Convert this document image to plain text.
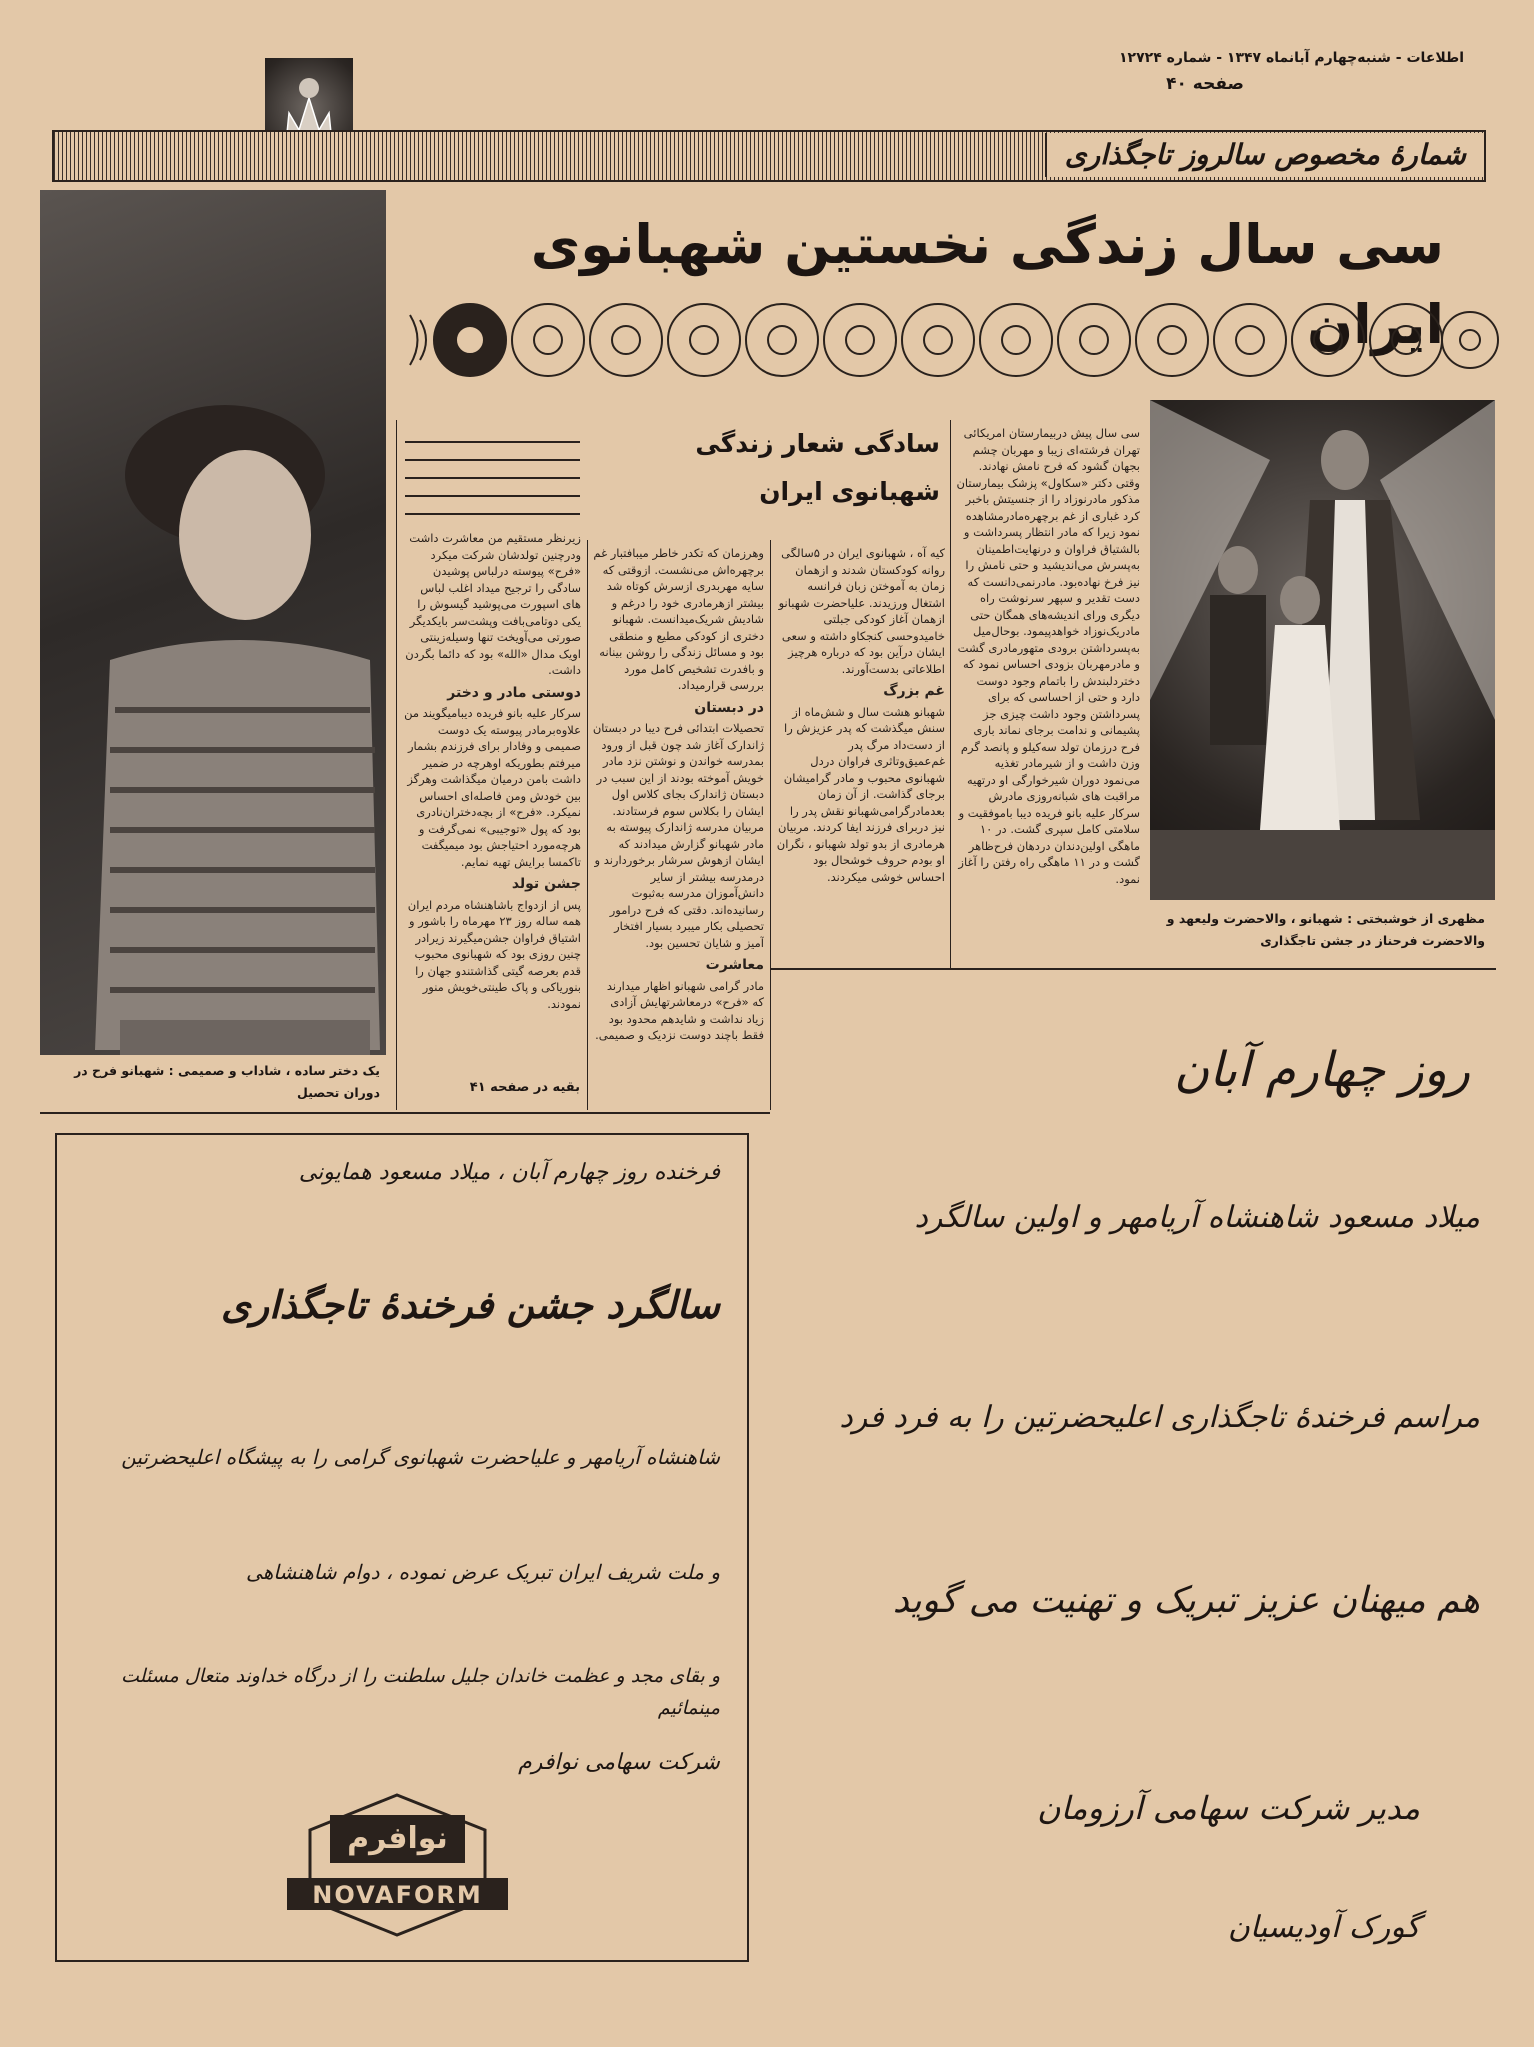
اطلاعات - شنبه‌چهارم آبانماه ۱۳۴۷ - شماره ۱۲۷۲۴
صفحه ۴۰
شمارهٔ مخصوص سالروز تاجگذاری
یک دختر ساده ، شاداب و صمیمی : شهبانو فرح در دوران تحصیل
سی سال زندگی نخستین شهبانوی ایران
سادگی شعار زندگی شهبانوی ایران
مظهری از خوشبختی : شهبانو ، والاحضرت ولیعهد و والاحضرت فرحناز در جشن تاجگذاری
سی سال پیش دربیمارستان امریکائی تهران فرشته‌ای زیبا و مهربان چشم بجهان گشود که فرح نامش نهادند. وقتی دکتر «سکاول» پزشک بیمارستان مذکور مادرنوزاد را از جنسیتش باخبر کرد غباری از غم برچهره‌مادرمشاهده نمود زیرا که مادر انتظار پسرداشت و بالشتیاق فراوان و درنهایت‌اطمینان به‌پسرش می‌اندیشید و حتی نامش را نیز فرخ نهاده‌بود. مادرنمی‌دانست که دست تقدیر و سپهر سرنوشت راه دیگری ورای اندیشه‌های همگان حتی مادریک‌نوزاد خواهد‌پیمود. بوحال‌میل به‌پسرداشتن برودی متهور‌مادری گشت و مادر‌مهربان بزودی احساس نمود که دختردلبندش را باتمام وجود دوست دارد و حتی از احساسی که برای پسرداشتن وجود داشت چیزی جز پشیمانی و ندامت برجای نماند باری فرح درزمان تولد سه‌کیلو و پانصد گرم وزن داشت و از شیرمادر تغذیه می‌نمود دوران شیرخوارگی او درتهیه مراقبت های شبانه‌روزی مادرش سرکار علیه بانو فریده دیبا باموفقیت و سلامتی کامل سپری گشت. در ۱۰ ماهگی اولین‌دندان دردهان فرح‌ظاهر گشت و در ۱۱ ماهگی راه رفتن را آغاز نمود.
کیه آه ، شهبانوی ایران در ۵سالگی روانه کودکستان شدند و ازهمان زمان به آموختن زبان فرانسه اشتغال ورزیدند. علیاحضرت شهبانو ازهمان آغاز کودکی جبلتی خامیدوحسی کنجکاو داشته و سعی ایشان درآین بود که درباره هرچیز اطلاعاتی بدست‌آورند.
غم بزرگ
شهبانو هشت سال و شش‌ماه از سنش میگذشت که پدر عزیزش را از دست‌داد مرگ پدر غم‌عمیق‌وتاثری فراوان دردل شهبانوی محبوب و مادر گرامیشان برجای گذاشت. از آن زمان بعدمادرگرامی‌شهبانو نقش پدر را نیز دربرای فرزند ایفا کردند. مربیان هرمادری از بدو تولد شهبانو ، نگران او بودم حروف خوشحال بود احساس خوشی میکردند.
وهرزمان که تکدر خاطر میبافتبار غم برچهره‌اش می‌نشست. ازوقتی که سایه مهربدری ازسرش کوتاه شد بیشتر ازهرمادری خود را درغم و شادیش شریک‌میدانست. شهبانو دختری از کودکی مطیع و منطقی بود و مسائل زندگی را روشن بینانه و بافدرت تشخیص کامل مورد بررسی قرارمیداد.
در دبستان
تحصیلات ابتدائی فرح دیبا در دبستان ژاندارک آغاز شد چون قبل از ورود بمدرسه خواندن و نوشتن نزد مادر خویش آموخته بودند از این سبب در دبستان ژاندارک بجای کلاس اول ایشان را بکلاس سوم فرستادند. مربیان مدرسه ژاندارک پیوسته به مادر شهبانو گزارش میدادند که ایشان ازهوش سرشار برخوردارند و درمدرسه بیشتر از سایر دانش‌آموزان مدرسه به‌ثبوت رسانیده‌اند. دقتی که فرح درامور تحصیلی بکار میبرد بسیار افتخار آمیز و شایان تحسین بود.
معاشرت
مادر گرامی شهبانو اظهار میدارند که «فرح» درمعاشرتهایش آزادی زیاد نداشت و شایدهم محدود بود فقط باچند دوست نزدیک و صمیمی.
زیرنظر مستقیم من معاشرت داشت ودرچنین تولدشان شرکت میکرد «فرح» پیوسته درلباس پوشیدن سادگی را ترجیح میداد اغلب لباس های اسپورت می‌پوشید گیسوش را یکی دوتامی‌بافت وپشت‌سر بایکدیگر صورتی می‌آویخت تنها وسیله‌زینتی اویک مدال «الله» بود که دائما بگردن داشت.
دوستی مادر و دختر
سرکار علیه بانو فریده دیبامیگویند من علاوه‌برمادر پیوسته یک دوست صمیمی و وفادار برای فرزندم بشمار میرفتم بطوریکه اوهرچه در ضمیر داشت بامن درمیان میگذاشت وهرگز بین خودش ومن فاصله‌ای احساس نمیکرد. «فرح» از بچه‌دختران‌نادری بود که پول «توجیبی» نمی‌گرفت و هرچه‌مورد احتیاجش بود میمیگفت تاکمسا برایش تهیه نمایم.
جشن تولد
پس از ازدواج باشاهنشاه مردم ایران همه ساله روز ۲۳ مهرماه را باشور و اشتیاق فراوان جشن‌میگیرند زیرادر چنین روزی بود که شهبانوی محبوب قدم بعرصه گیتی گذاشتندو جهان را بنوریاکی و پاک طینتی‌خویش منور نمودند.
بقیه در صفحه ۴۱
فرخنده روز چهارم آبان ، میلاد مسعود همایونی
سالگرد جشن فرخندهٔ تاجگذاری
شاهنشاه آریامهر و علیاحضرت شهبانوی گرامی را به پیشگاه اعلیحضرتین
و ملت شریف ایران تبریک عرض نموده ، دوام شاهنشاهی
و بقای مجد و عظمت خاندان جلیل سلطنت را از درگاه خداوند متعال مسئلت مینمائیم
شرکت سهامی نوافرم
نوافرم
NOVAFORM
روز چهارم آبان
میلاد مسعود شاهنشاه آریامهر و اولین سالگرد
مراسم فرخندهٔ تاجگذاری اعلیحضرتین را به فرد فرد
هم میهنان عزیز تبریک و تهنیت می گوید
مدیر شرکت سهامی آرزومان
گورک آودیسیان
